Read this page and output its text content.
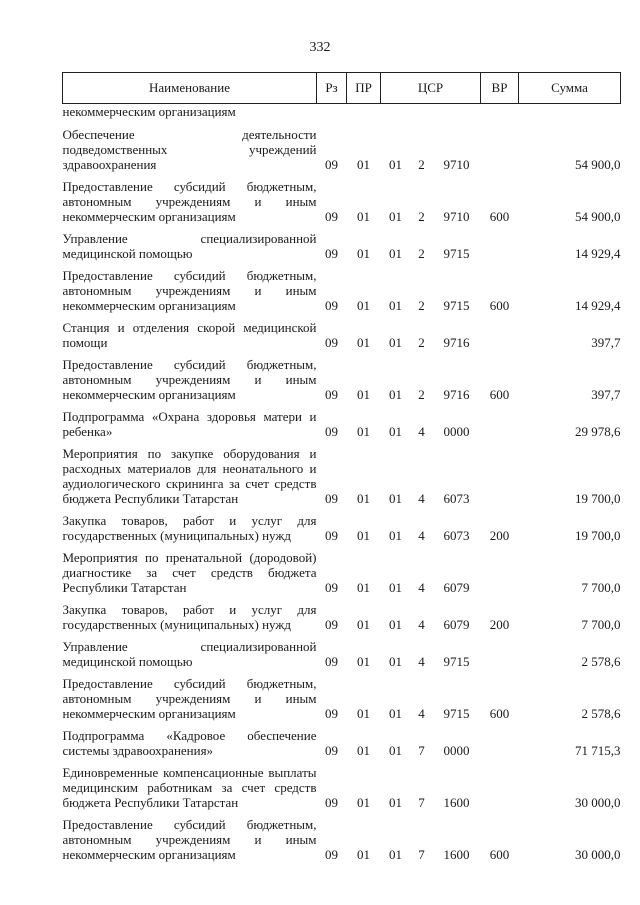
332
Наименование	Рз	ПР	ЦСР			ВР	Сумма
некоммерческим организациям							
Обеспечение деятельности подведомственных учреждений здравоохранения	09	01	01	2	9710		54 900,0
Предоставление субсидий бюджетным, автономным учреждениям и иным некоммерческим организациям	09	01	01	2	9710	600	54 900,0
Управление специализированной медицинской помощью	09	01	01	2	9715		14 929,4
Предоставление субсидий бюджетным, автономным учреждениям и иным некоммерческим организациям	09	01	01	2	9715	600	14 929,4
Станция и отделения скорой медицинской помощи	09	01	01	2	9716		397,7
Предоставление субсидий бюджетным, автономным учреждениям и иным некоммерческим организациям	09	01	01	2	9716	600	397,7
Подпрограмма «Охрана здоровья матери и ребенка»	09	01	01	4	0000		29 978,6
Мероприятия по закупке оборудования и расходных материалов для неонатального и аудиологического скрининга за счет средств бюджета Республики Татарстан	09	01	01	4	6073		19 700,0
Закупка товаров, работ и услуг для государственных (муниципальных) нужд	09	01	01	4	6073	200	19 700,0
Мероприятия по пренатальной (дородовой) диагностике за счет средств бюджета Республики Татарстан	09	01	01	4	6079		7 700,0
Закупка товаров, работ и услуг для государственных (муниципальных) нужд	09	01	01	4	6079	200	7 700,0
Управление специализированной медицинской помощью	09	01	01	4	9715		2 578,6
Предоставление субсидий бюджетным, автономным учреждениям и иным некоммерческим организациям	09	01	01	4	9715	600	2 578,6
Подпрограмма «Кадровое обеспечение системы здравоохранения»	09	01	01	7	0000		71 715,3
Единовременные компенсационные выплаты медицинским работникам за счет средств бюджета Республики Татарстан	09	01	01	7	1600		30 000,0
Предоставление субсидий бюджетным, автономным учреждениям и иным некоммерческим организациям	09	01	01	7	1600	600	30 000,0
